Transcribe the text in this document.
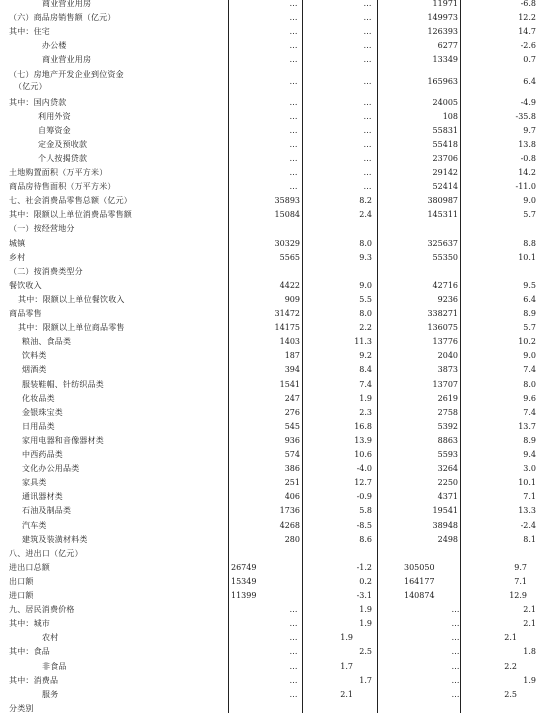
商业营业用房	…	…	11971	-6.8
（六）商品房销售额（亿元）	…	…	149973	12.2
其中：住宅	…	…	126393	14.7
办公楼	…	…	6277	-2.6
商业营业用房	…	…	13349	0.7
（七）房地产开发企业到位资金
（亿元）
…	…	165963	6.4
其中：国内贷款	…	…	24005	-4.9
利用外资	…	…	108	-35.8
自筹资金	…	…	55831	9.7
定金及预收款	…	…	55418	13.8
个人按揭贷款	…	…	23706	-0.8
土地购置面积（万平方米）	…	…	29142	14.2
商品房待售面积（万平方米）	…	…	52414	-11.0
七、社会消费品零售总额（亿元）	35893	8.2	380987	9.0
其中：限额以上单位消费品零售额	15084	2.4	145311	5.7
（一）按经营地分
城镇	30329	8.0	325637	8.8
乡村	5565	9.3	55350	10.1
（二）按消费类型分
餐饮收入	4422	9.0	42716	9.5
其中：限额以上单位餐饮收入	909	5.5	9236	6.4
商品零售	31472	8.0	338271	8.9
其中：限额以上单位商品零售	14175	2.2	136075	5.7
粮油、食品类	1403	11.3	13776	10.2
饮料类	187	9.2	2040	9.0
烟酒类	394	8.4	3873	7.4
服装鞋帽、针纺织品类	1541	7.4	13707	8.0
化妆品类	247	1.9	2619	9.6
金银珠宝类	276	2.3	2758	7.4
日用品类	545	16.8	5392	13.7
家用电器和音像器材类	936	13.9	8863	8.9
中西药品类	574	10.6	5593	9.4
文化办公用品类	386	-4.0	3264	3.0
家具类	251	12.7	2250	10.1
通讯器材类	406	-0.9	4371	7.1
石油及制品类	1736	5.8	19541	13.3
汽车类	4268	-8.5	38948	-2.4
建筑及装潢材料类	280	8.6	2498	8.1
八、进出口（亿元）
进出口总额	26749	-1.2	305050	9.7
出口额	15349	0.2	164177	7.1
进口额	11399	-3.1	140874	12.9
九、居民消费价格	…	1.9	…	2.1
其中：城市	…	1.9	…	2.1
农村	…	1.9	…	2.1
其中：食品	…	2.5	…	1.8
非食品	…	1.7	…	2.2
其中：消费品	…	1.7	…	1.9
服务	…	2.1	…	2.5
分类别
